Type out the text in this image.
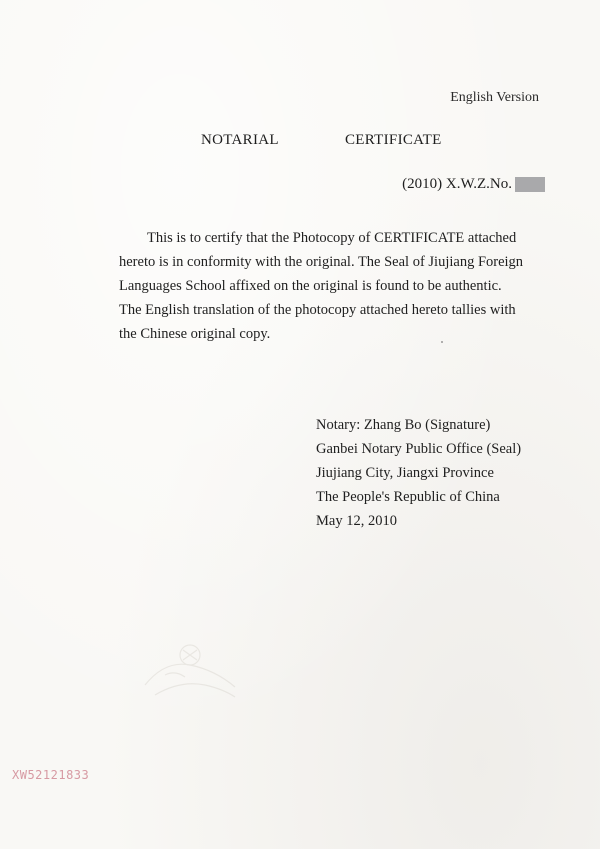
English Version
NOTARIAL	CERTIFICATE
(2010) X.W.Z.No.
This is to certify that the Photocopy of CERTIFICATE attached
hereto is in conformity with the original. The Seal of Jiujiang Foreign
Languages School affixed on the original is found to be authentic.
The English translation of the photocopy attached hereto tallies with
the Chinese original copy.
Notary: Zhang Bo (Signature)
Ganbei Notary Public Office (Seal)
Jiujiang City, Jiangxi Province
The People's Republic of China
May 12, 2010
XW52121833
